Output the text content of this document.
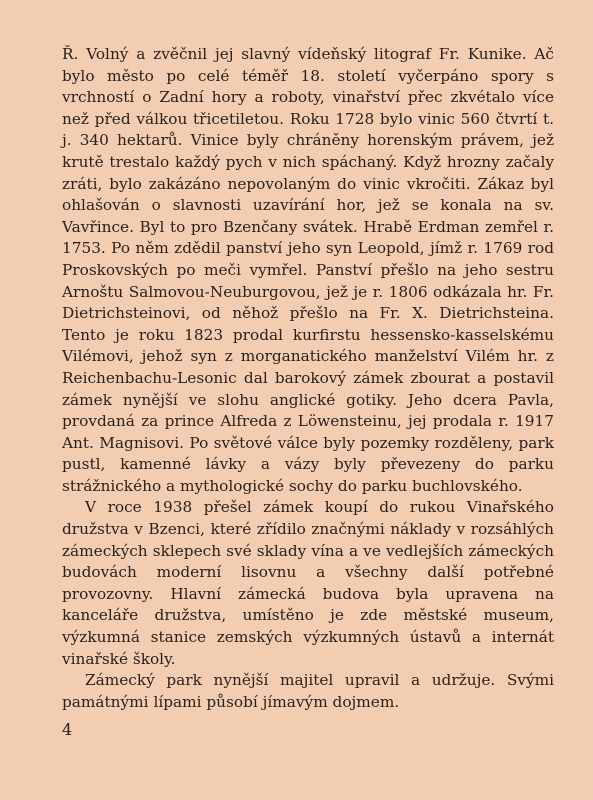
Ř. Volný a zvěčnil jej slavný vídeňský litograf Fr. Kunike. Ač bylo město po celé téměř 18. století vyčerpáno spory s vrchností o Zadní hory a roboty, vinařství přec zkvétalo více než před válkou třicetiletou. Roku 1728 bylo vinic 560 čtvrtí t. j. 340 hektarů. Vinice byly chráněny horenským právem, jež krutě trestalo každý pych v nich spáchaný. Když hrozny začaly zráti, bylo zakázáno nepovolaným do vinic vkročiti. Zákaz byl ohlašován o slavnosti uzavírání hor, jež se konala na sv. Vavřince. Byl to pro Bzenčany svátek. Hrabě Erdman zemřel r. 1753. Po něm zdědil panství jeho syn Leopold, jímž r. 1769 rod Proskovských po meči vymřel. Panství přešlo na jeho sestru Arnoštu Salmovou-Neuburgovou, jež je r. 1806 odkázala hr. Fr. Dietrichsteinovi, od něhož přešlo na Fr. X. Dietrichsteina. Tento je roku 1823 prodal kurfirstu hessensko-kasselskému Vilémovi, jehož syn z morganatického manželství Vilém hr. z Reichenbachu-Lesonic dal barokový zámek zbourat a postavil zámek nynější ve slohu anglické gotiky. Jeho dcera Pavla, provdaná za prince Alfreda z Löwensteinu, jej prodala r. 1917 Ant. Magnisovi. Po světové válce byly pozemky rozděleny, park pustl, kamenné lávky a vázy byly převezeny do parku strážnického a mythologické sochy do parku buchlovského.

V roce 1938 přešel zámek koupí do rukou Vinařského družstva v Bzenci, které zřídilo značnými náklady v rozsáhlých zámeckých sklepech své sklady vína a ve vedlejších zámeckých budovách moderní lisovnu a všechny další potřebné provozovny. Hlavní zámecká budova byla upravena na kanceláře družstva, umístěno je zde městské museum, výzkumná stanice zemských výzkumných ústavů a internát vinařské školy.

Zámecký park nynější majitel upravil a udržuje. Svými památnými lípami působí jímavým dojmem.

4
